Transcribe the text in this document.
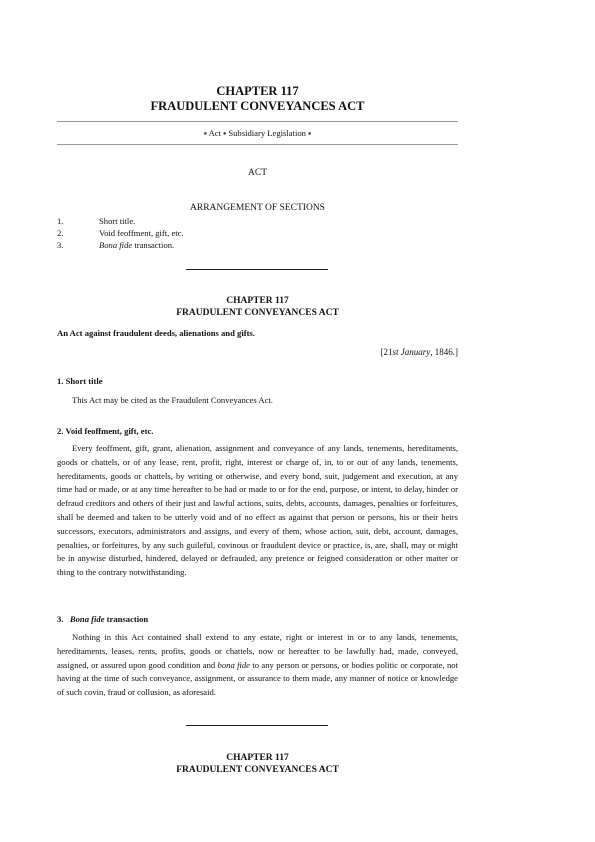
CHAPTER 117
FRAUDULENT CONVEYANCES ACT
▪ Act ▪ Subsidiary Legislation ▪
ACT
ARRANGEMENT OF SECTIONS
1.	Short title.
2.	Void feoffment, gift, etc.
3.	Bona fide transaction.
CHAPTER 117
FRAUDULENT CONVEYANCES ACT
An Act against fraudulent deeds, alienations and gifts.
[21st January, 1846.]
1. Short title
This Act may be cited as the Fraudulent Conveyances Act.
2. Void feoffment, gift, etc.
Every feoffment, gift, grant, alienation, assignment and conveyance of any lands, tenements, hereditaments, goods or chattels, or of any lease, rent, profit, right, interest or charge of, in, to or out of any lands, tenements, hereditaments, goods or chattels, by writing or otherwise, and every bond, suit, judgement and execution, at any time had or made, or at any time hereafter to be had or made to or for the end, purpose, or intent, to delay, hinder or defraud creditors and others of their just and lawful actions, suits, debts, accounts, damages, penalties or forfeitures, shall be deemed and taken to be utterly void and of no effect as against that person or persons, his or their heirs successors, executors, administrators and assigns, and every of them, whose action, suit, debt, account, damages, penalties, or forfeitures, by any such guileful, covinous or fraudulent device or practice, is, are, shall, may or might be in anywise disturbed, hindered, delayed or defrauded, any pretence or feigned consideration or other matter or thing to the contrary notwithstanding.
3. Bona fide transaction
Nothing in this Act contained shall extend to any estate, right or interest in or to any lands, tenements, hereditaments, leases, rents, profits, goods or chattels, now or hereafter to be lawfully had, made, conveyed, assigned, or assured upon good condition and bona fide to any person or persons, or bodies politic or corporate, not having at the time of such conveyance, assignment, or assurance to them made, any manner of notice or knowledge of such covin, fraud or collusion, as aforesaid.
CHAPTER 117
FRAUDULENT CONVEYANCES ACT
